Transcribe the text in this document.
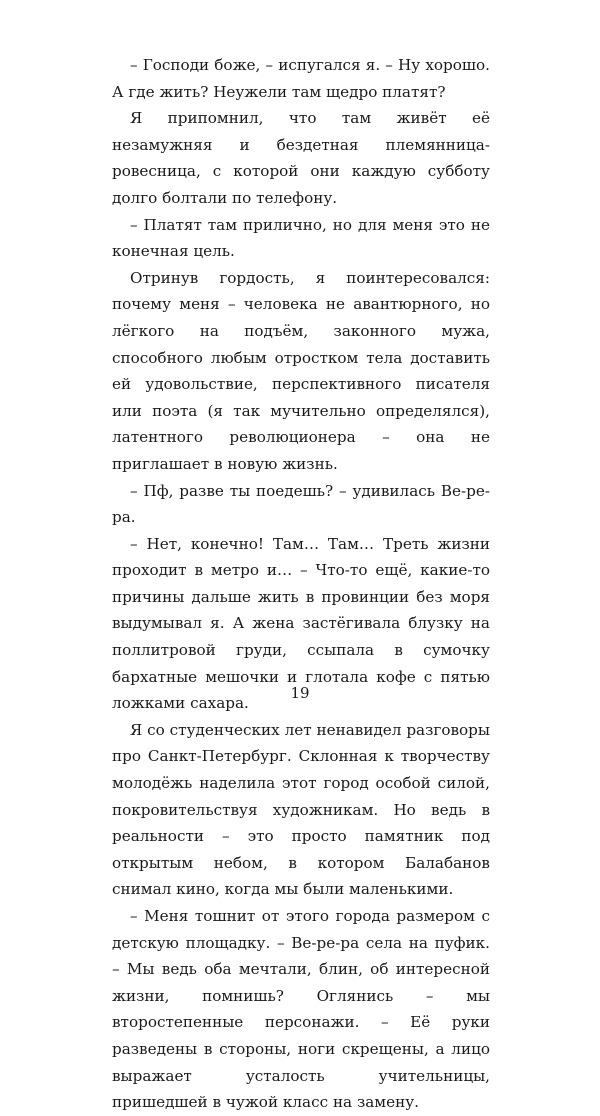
– Господи боже, – испугался я. – Ну хорошо. А где жить? Неужели там щедро платят?

Я припомнил, что там живёт её незамужняя и бездетная племянница-ровесница, с которой они каждую субботу долго болтали по телефону.

– Платят там прилично, но для меня это не конечная цель.

Отринув гордость, я поинтересовался: почему меня – человека не авантюрного, но лёгкого на подъём, законного мужа, способного любым отростком тела доставить ей удовольствие, перспективного писателя или поэта (я так мучительно определялся), латентного революционера – она не приглашает в новую жизнь.

– Пф, разве ты поедешь? – удивилась Ве-ре-ра.

– Нет, конечно! Там… Там… Треть жизни проходит в метро и… – Что-то ещё, какие-то причины дальше жить в провинции без моря выдумывал я. А жена застёгивала блузку на поллитровой груди, ссыпала в сумочку бархатные мешочки и глотала кофе с пятью ложками сахара.

Я со студенческих лет ненавидел разговоры про Санкт-Петербург. Склонная к творчеству молодёжь наделила этот город особой силой, покровительствуя художникам. Но ведь в реальности – это просто памятник под открытым небом, в котором Балабанов снимал кино, когда мы были маленькими.

– Меня тошнит от этого города размером с детскую площадку. – Ве-ре-ра села на пуфик. – Мы ведь оба мечтали, блин, об интересной жизни, помнишь? Оглянись – мы второстепенные персонажи. – Её руки разведены в стороны, ноги скрещены, а лицо выражает усталость учительницы, пришедшей в чужой класс на замену.

19
